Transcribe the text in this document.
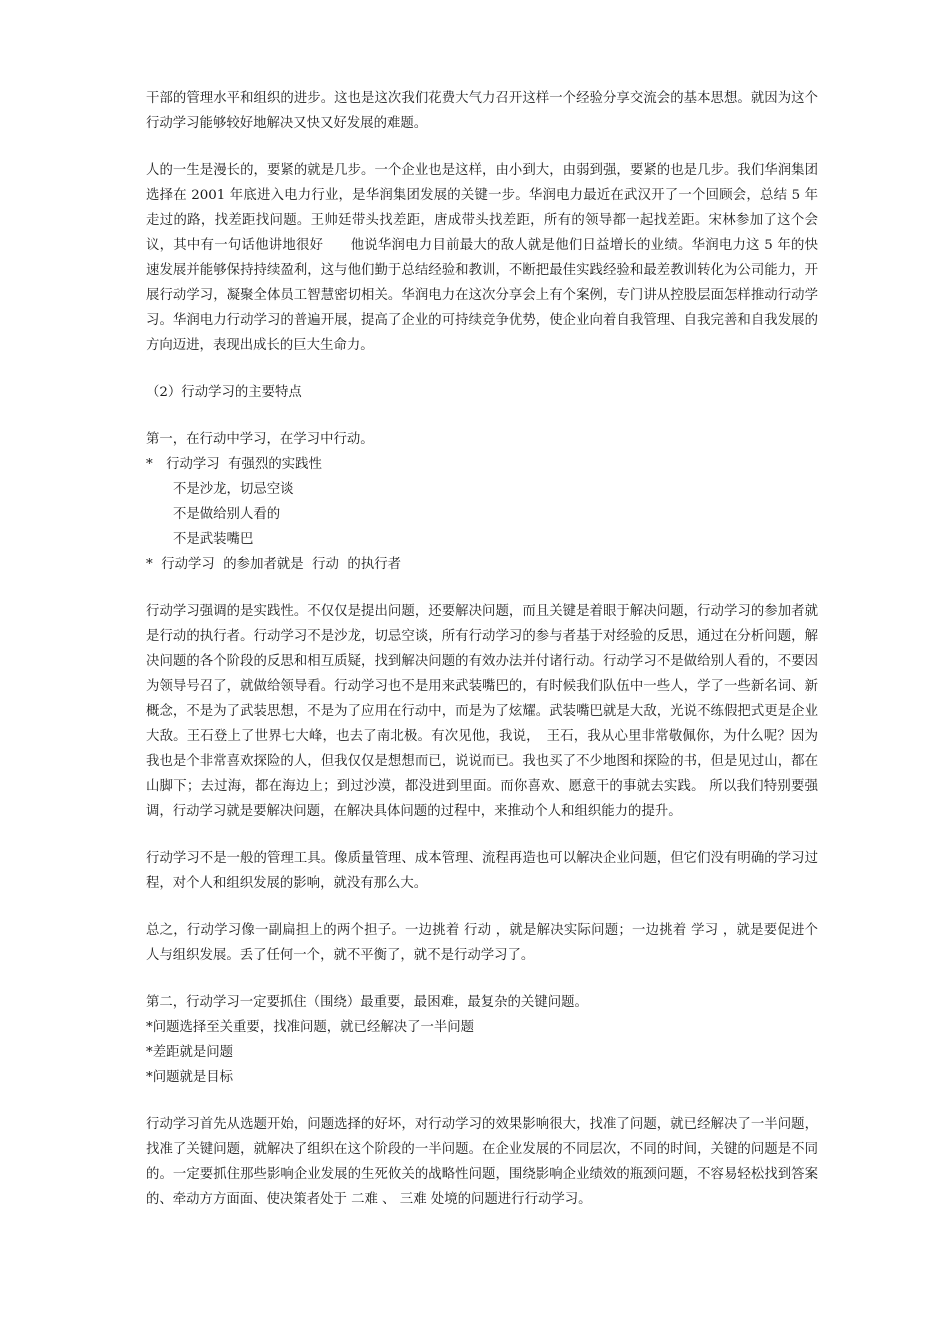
干部的管理水平和组织的进步。这也是这次我们花费大气力召开这样一个经验分享交流会的基本思想。就因为这个行动学习能够较好地解决又快又好发展的难题。

人的一生是漫长的，要紧的就是几步。一个企业也是这样，由小到大，由弱到强，要紧的也是几步。我们华润集团选择在 2001 年底进入电力行业，是华润集团发展的关键一步。华润电力最近在武汉开了一个回顾会，总结 5 年走过的路，找差距找问题。王帅廷带头找差距，唐成带头找差距，所有的领导都一起找差距。宋林参加了这个会议，其中有一句话他讲地很好　　他说华润电力目前最大的敌人就是他们日益增长的业绩。华润电力这 5 年的快速发展并能够保持持续盈利，这与他们勤于总结经验和教训，不断把最佳实践经验和最差教训转化为公司能力，开展行动学习，凝聚全体员工智慧密切相关。华润电力在这次分享会上有个案例，专门讲从控股层面怎样推动行动学习。华润电力行动学习的普遍开展，提高了企业的可持续竞争优势，使企业向着自我管理、自我完善和自我发展的方向迈进，表现出成长的巨大生命力。

（2）行动学习的主要特点

第一，在行动中学习，在学习中行动。

*　行动学习  有强烈的实践性

不是沙龙，切忌空谈

不是做给别人看的

不是武装嘴巴

*  行动学习  的参加者就是  行动  的执行者

行动学习强调的是实践性。不仅仅是提出问题，还要解决问题，而且关键是着眼于解决问题，行动学习的参加者就是行动的执行者。行动学习不是沙龙，切忌空谈，所有行动学习的参与者基于对经验的反思，通过在分析问题，解决问题的各个阶段的反思和相互质疑，找到解决问题的有效办法并付诸行动。行动学习不是做给别人看的，不要因为领导号召了，就做给领导看。行动学习也不是用来武装嘴巴的，有时候我们队伍中一些人，学了一些新名词、新概念，不是为了武装思想，不是为了应用在行动中，而是为了炫耀。武装嘴巴就是大敌，光说不练假把式更是企业大敌。王石登上了世界七大峰，也去了南北极。有次见他，我说，　王石，我从心里非常敬佩你，为什么呢？因为我也是个非常喜欢探险的人，但我仅仅是想想而已，说说而已。我也买了不少地图和探险的书，但是见过山，都在山脚下；去过海，都在海边上；到过沙漠，都没进到里面。而你喜欢、愿意干的事就去实践。 所以我们特别要强调，行动学习就是要解决问题，在解决具体问题的过程中，来推动个人和组织能力的提升。

行动学习不是一般的管理工具。像质量管理、成本管理、流程再造也可以解决企业问题，但它们没有明确的学习过程，对个人和组织发展的影响，就没有那么大。

总之，行动学习像一副扁担上的两个担子。一边挑着 行动 ，就是解决实际问题；一边挑着 学习 ，就是要促进个人与组织发展。丢了任何一个，就不平衡了，就不是行动学习了。

第二，行动学习一定要抓住（围绕）最重要，最困难，最复杂的关键问题。

*问题选择至关重要，找准问题，就已经解决了一半问题

*差距就是问题

*问题就是目标

行动学习首先从选题开始，问题选择的好坏，对行动学习的效果影响很大，找准了问题，就已经解决了一半问题，找准了关键问题，就解决了组织在这个阶段的一半问题。在企业发展的不同层次，不同的时间，关键的问题是不同的。一定要抓住那些影响企业发展的生死攸关的战略性问题，围绕影响企业绩效的瓶颈问题，不容易轻松找到答案的、牵动方方面面、使决策者处于 二难 、 三难 处境的问题进行行动学习。
